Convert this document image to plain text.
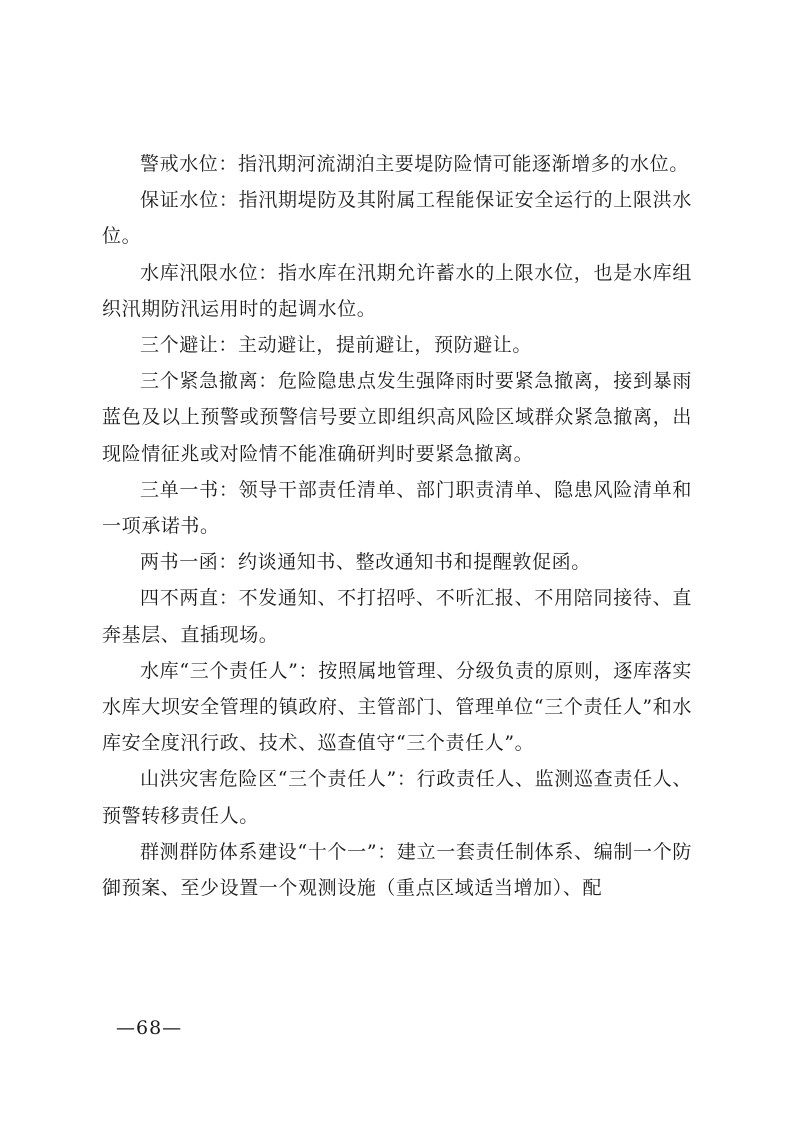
警戒水位：指汛期河流湖泊主要堤防险情可能逐渐增多的水位。

保证水位：指汛期堤防及其附属工程能保证安全运行的上限洪水位。

水库汛限水位：指水库在汛期允许蓄水的上限水位，也是水库组织汛期防汛运用时的起调水位。

三个避让：主动避让，提前避让，预防避让。

三个紧急撤离：危险隐患点发生强降雨时要紧急撤离，接到暴雨蓝色及以上预警或预警信号要立即组织高风险区域群众紧急撤离，出现险情征兆或对险情不能准确研判时要紧急撤离。

三单一书：领导干部责任清单、部门职责清单、隐患风险清单和一项承诺书。

两书一函：约谈通知书、整改通知书和提醒敦促函。

四不两直：不发通知、不打招呼、不听汇报、不用陪同接待、直奔基层、直插现场。

水库“三个责任人”：按照属地管理、分级负责的原则，逐库落实水库大坝安全管理的镇政府、主管部门、管理单位“三个责任人”和水库安全度汛行政、技术、巡查值守“三个责任人”。

山洪灾害危险区“三个责任人”：行政责任人、监测巡查责任人、预警转移责任人。

群测群防体系建设“十个一”：建立一套责任制体系、编制一个防御预案、至少设置一个观测设施（重点区域适当增加）、配

—68—
